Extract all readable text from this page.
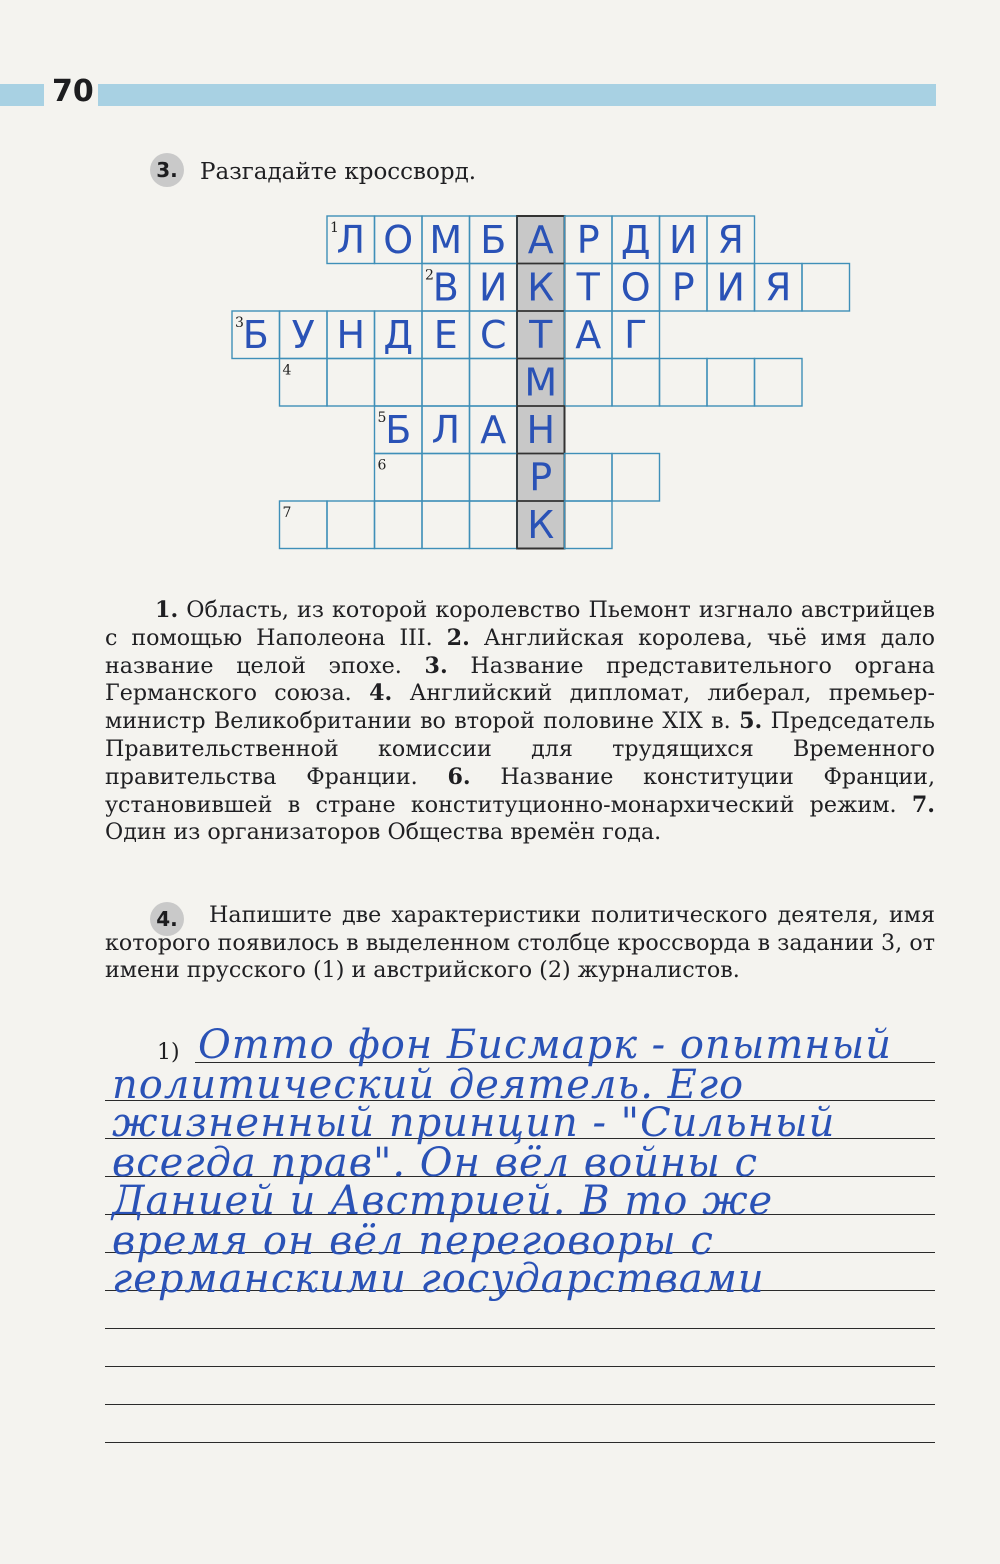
70
3. Разгадайте кроссворд.
1
Л О М Б А Р Д И Я
2
В И К Т О Р И Я
3
Б У Н Д Е С Т А Г
4	М
5
Б Л А Н
6	Р
7	К
1. Область, из которой королевство Пьемонт изгнало австрийцев с помощью Наполеона III. 2. Английская королева, чьё имя дало название целой эпохе. 3. Название представительного органа Германского союза. 4. Английский дипломат, либерал, премьер-министр Великобритании во второй половине XIX в. 5. Председатель Правительственной комиссии для трудящихся Временного правительства Франции. 6. Название конституции Франции, установившей в стране конституционно-монархический режим. 7. Один из организаторов Общества времён года.
4.	Напишите две характеристики политического деятеля, имя которого появилось в выделенном столбце кроссворда в задании 3, от имени прусского (1) и австрийского (2) журналистов.
1) Отто фон Бисмарк - опытный
политический деятель. Его
жизненный принцип - "Сильный
всегда прав". Он вёл войны с
Данией и Австрией. В то же
время он вёл переговоры с
германскими государствами
